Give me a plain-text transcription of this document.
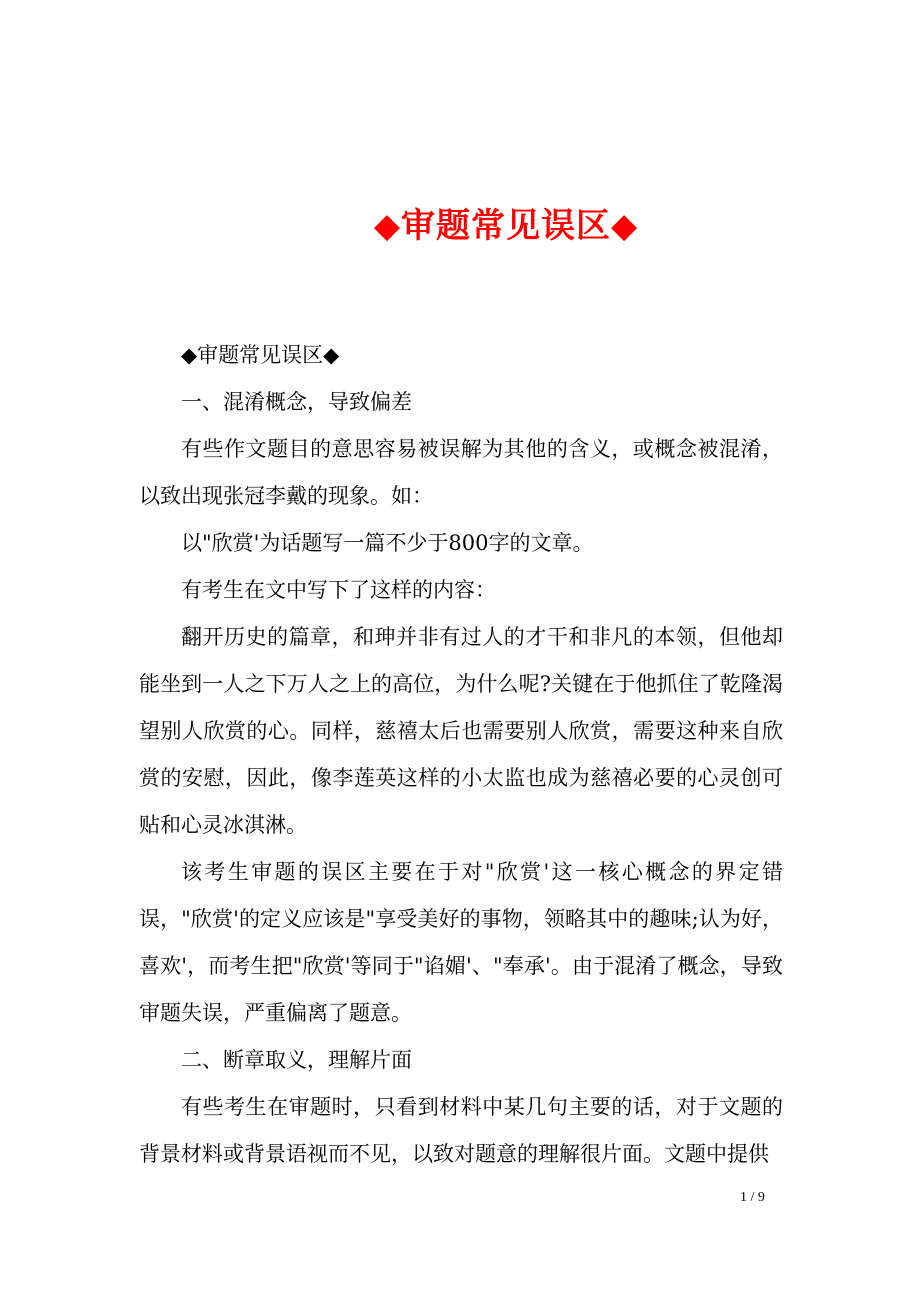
◆审题常见误区◆

◆审题常见误区◆

一、混淆概念，导致偏差

有些作文题目的意思容易被误解为其他的含义，或概念被混淆，以致出现张冠李戴的现象。如：

以"欣赏'为话题写一篇不少于800字的文章。

有考生在文中写下了这样的内容：

翻开历史的篇章，和珅并非有过人的才干和非凡的本领，但他却能坐到一人之下万人之上的高位，为什么呢?关键在于他抓住了乾隆渴望别人欣赏的心。同样，慈禧太后也需要别人欣赏，需要这种来自欣赏的安慰，因此，像李莲英这样的小太监也成为慈禧必要的心灵创可贴和心灵冰淇淋。

该考生审题的误区主要在于对"欣赏'这一核心概念的界定错误，"欣赏'的定义应该是"享受美好的事物，领略其中的趣味;认为好，喜欢'，而考生把"欣赏'等同于"谄媚'、"奉承'。由于混淆了概念，导致审题失误，严重偏离了题意。

二、断章取义，理解片面

有些考生在审题时，只看到材料中某几句主要的话，对于文题的背景材料或背景语视而不见，以致对题意的理解很片面。文题中提供

1 / 9
